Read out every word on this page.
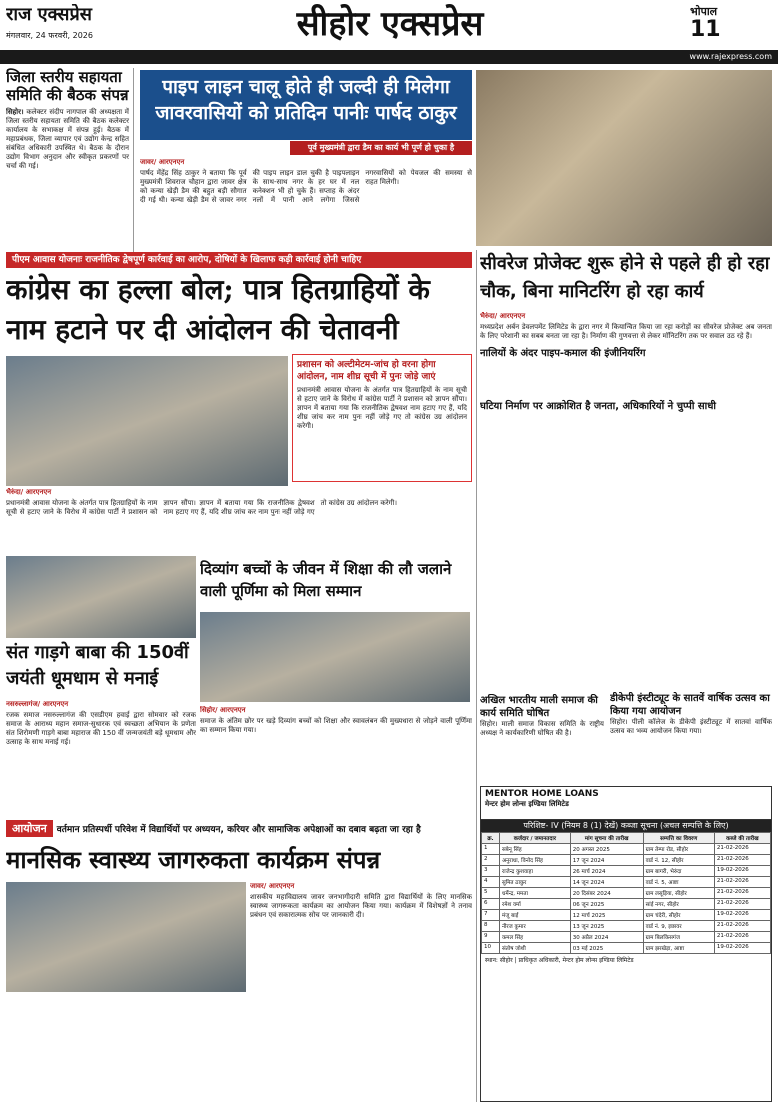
राज एक्सप्रेस
मंगलवार, 24 फरवरी, 2026	सीहोर एक्सप्रेस	भोपाल
11
www.rajexpress.com
जिला स्तरीय सहायता समिति की बैठक संपन्न
सिहोर। कलेक्टर संदीप नागपाल की अध्यक्षता में जिला स्तरीय सहायता समिति की बैठक कलेक्टर कार्यालय के सभाकक्ष में संपन्न हुई। बैठक में महाप्रबंधक, जिला व्यापार एवं उद्योग केन्द्र सहित संबंधित अधिकारी उपस्थित थे। बैठक के दौरान उद्योग विभाग अनुदान और स्वीकृत प्रकरणों पर चर्चा की गई।
पाइप लाइन चालू होते ही जल्दी ही मिलेगा जावरवासियों को प्रतिदिन पानीः पार्षद ठाकुर
पूर्व मुख्यमंत्री द्वारा डैम का कार्य भी पूर्ण हो चुका है
जावर/ आरएनएन
पार्षद मेंहेंद्र सिंह ठाकुर ने बताया कि पूर्व मुख्यमंत्री शिवराज चौहान द्वारा जावर क्षेत्र को कन्या खेड़ी डैम की बहुत बड़ी सौगात दी गई थी। कन्या खेड़ी डैम से जावर नगर की पाइप लाइन डाल चुकी है पाइपलाइन के साथ-साथ नगर के हर घर में नल कनेक्शन भी हो चुके हैं। सप्ताह के अंदर नलों में पानी आने लगेगा जिससे नगरवासियों को पेयजल की समस्या से राहत मिलेगी।
पीएम आवास योजनाः राजनीतिक द्वेषपूर्ण कार्रवाई का आरोप, दोषियों के खिलाफ कड़ी कार्रवाई होनी चाहिए
कांग्रेस का हल्ला बोल; पात्र हितग्राहियों के नाम हटाने पर दी आंदोलन की चेतावनी
प्रशासन को अल्टीमेटम-जांच हो वरना होगा आंदोलन, नाम शीघ्र सूची में पुनः जोड़े जाएं
प्रधानमंत्री आवास योजना के अंतर्गत पात्र हितग्राहियों के नाम सूची से हटाए जाने के विरोध में कांग्रेस पार्टी ने प्रशासन को ज्ञापन सौंपा। ज्ञापन में बताया गया कि राजनीतिक द्वेषवश नाम हटाए गए हैं, यदि शीघ्र जांच कर नाम पुनः नहीं जोड़े गए तो कांग्रेस उग्र आंदोलन करेगी।
भैरुंदा/ आरएनएन
प्रधानमंत्री आवास योजना के अंतर्गत पात्र हितग्राहियों के नाम सूची से हटाए जाने के विरोध में कांग्रेस पार्टी ने प्रशासन को ज्ञापन सौंपा। ज्ञापन में बताया गया कि राजनीतिक द्वेषवश नाम हटाए गए हैं, यदि शीघ्र जांच कर नाम पुनः नहीं जोड़े गए तो कांग्रेस उग्र आंदोलन करेगी।
सीवरेज प्रोजेक्ट शुरू होने से पहले ही हो रहा चौक, बिना मानिटरिंग हो रहा कार्य
भैरुंदा/ आरएनएन
मध्यप्रदेश अर्बन डेवलपमेंट लिमिटेड के द्वारा नगर में कियान्वित किया जा रहा करोड़ों का सीवरेज प्रोजेक्ट अब जनता के लिए परेशानी का सबब बनता जा रहा है। निर्माण की गुणवत्ता से लेकर मॉनिटरिंग तक पर सवाल उठ रहे हैं।
नालियों के अंदर पाइप-कमाल की इंजीनियरिंग
घटिया निर्माण पर आक्रोशित है जनता, अधिकारियों ने चुप्पी साधी
दिव्यांग बच्चों के जीवन में शिक्षा की लौ जलाने वाली पूर्णिमा को मिला सम्मान
सिहोर/ आरएनएन
समाज के अंतिम छोर पर खड़े दिव्यांग बच्चों को शिक्षा और स्वावलंबन की मुख्यधारा से जोड़ने वाली पूर्णिमा का सम्मान किया गया।
संत गाड़गे बाबा की 150वीं जयंती धूमधाम से मनाई
नसरुल्लागंज/ आरएनएन
रजक समाज नसरुल्लागंज की एसडीएम हवाई द्वारा सोमवार को रजक समाज के आराध्य महान समाज-सुधारक एवं स्वच्छता अभियान के प्रणेता संत शिरोमणी गाड़गे बाबा महाराज की 150 वीं जन्मजयंती बड़े धूमधाम और उत्साह के साथ मनाई गई।
अखिल भारतीय माली समाज की कार्य समिति घोषित
सिहोर। माली समाज विकास समिति के राष्ट्रीय अध्यक्ष ने कार्यकारिणी घोषित की है।
डीकेपी इंस्टीट्यूट के सातवें वार्षिक उत्सव का किया गया आयोजन
सिहोर। पीली कॉलेज के डीकेपी इंस्टीट्यूट में सातवां वार्षिक उत्सव का भव्य आयोजन किया गया।
MENTOR HOME LOANS
मेन्टर होम लोन्स इण्डिया लिमिटेड
परिशिष्ट- IV (नियम 8 (1) देखें) कब्जा सूचना (अचल सम्पत्ति के लिए)
क्र.	कर्जदार / जमानतदार	मांग सूचना की तारीख	सम्पत्ति का विवरण	कब्जे की तारीख
1	सबेनू सिंह	20 अगस्त 2025	ग्राम तेम्पा रोड, सीहोर	21-02-2026
2	अनुराधा, विनोद सिंह	17 जून 2024	वार्ड नं. 12, सीहोर	21-02-2026
3	राजेन्द्र कुशवाहा	26 मार्च 2024	ग्राम बागरी, भेरुंदा	19-02-2026
4	सुमित ठाकुर	14 जून 2024	वार्ड नं. 5, आष्टा	21-02-2026
5	धर्मेन्द्र, ममता	20 दिसंबर 2024	ग्राम लसूड़िया, सीहोर	21-02-2026
6	रमेश वर्मा	06 जून 2025	सांई नगर, सीहोर	21-02-2026
7	मंजू बाई	12 मार्च 2025	ग्राम चंदेरी, सीहोर	19-02-2026
8	नीरज कुमार	13 जून 2025	वार्ड नं. 9, इछावर	21-02-2026
9	कमल सिंह	30 अप्रैल 2024	ग्राम बिलकिसगंज	21-02-2026
10	संतोष जोशी	03 मई 2025	ग्राम झरखेड़ा, आष्टा	19-02-2026
स्थान: सीहोर | प्राधिकृत अधिकारी, मेन्टर होम लोन्स इण्डिया लिमिटेड
आयोजन वर्तमान प्रतिस्पर्धी परिवेश में विद्यार्थियों पर अध्ययन, करियर और सामाजिक अपेक्षाओं का दबाव बढ़ता जा रहा है
मानसिक स्वास्थ्य जागरुकता कार्यक्रम संपन्न
जावर/ आरएनएन
शासकीय महाविद्यालय जावर जनभागीदारी समिति द्वारा विद्यार्थियों के लिए मानसिक स्वास्थ्य जागरूकता कार्यक्रम का आयोजन किया गया। कार्यक्रम में विशेषज्ञों ने तनाव प्रबंधन एवं सकारात्मक सोच पर जानकारी दी।
